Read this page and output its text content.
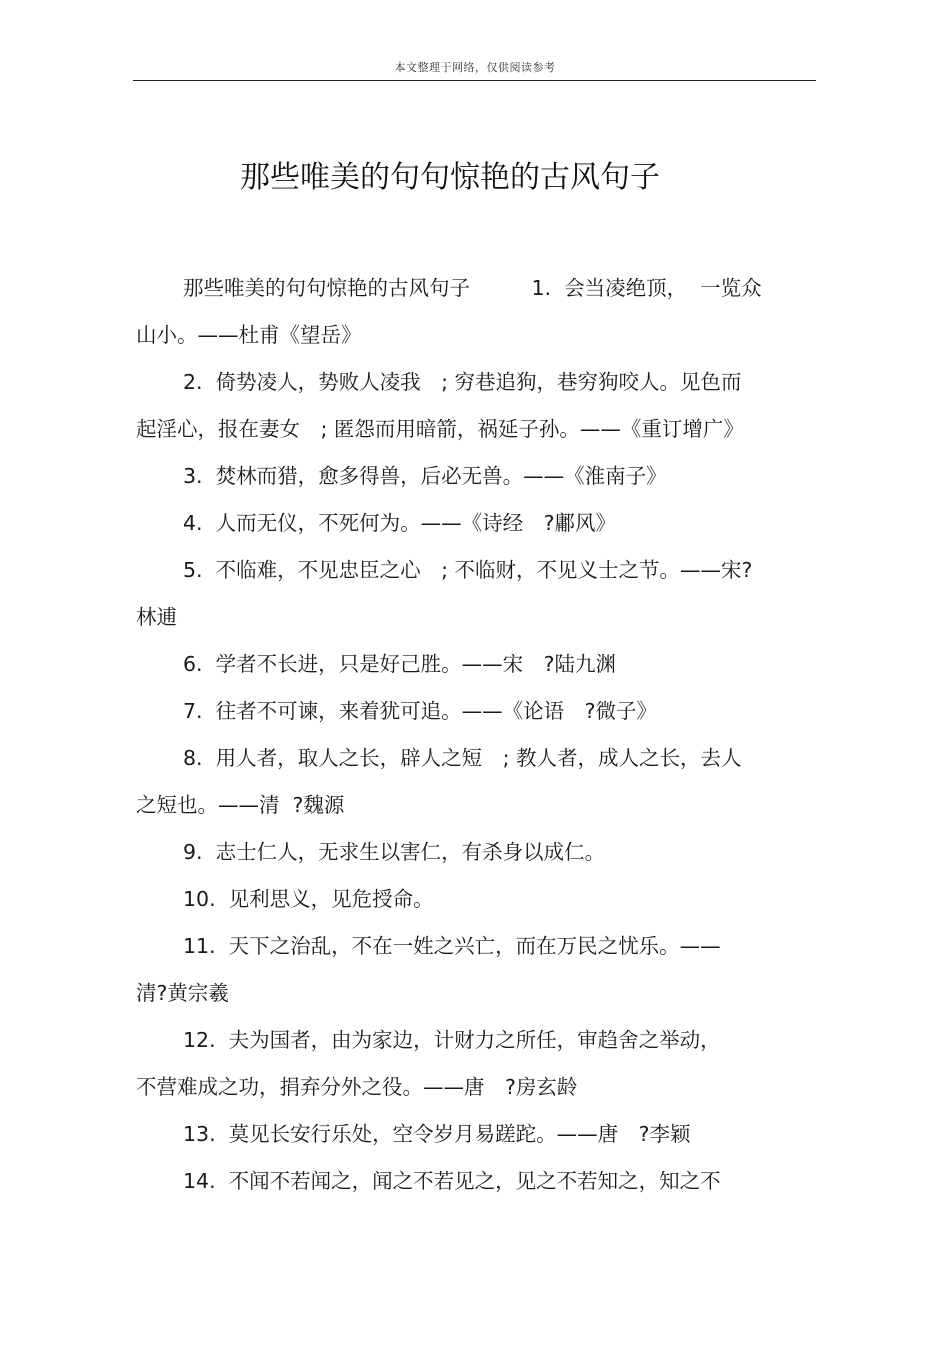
本文整理于网络，仅供阅读参考
那些唯美的句句惊艳的古风句子
那些唯美的句句惊艳的古风句子　　　1.  会当凌绝顶，  一览众
山小。——杜甫《望岳》
2.  倚势凌人，势败人凌我　; 穷巷追狗，巷穷狗咬人。见色而
起淫心，报在妻女　; 匿怨而用暗箭，祸延子孙。——《重订增广》
3.  焚林而猎，愈多得兽，后必无兽。——《淮南子》
4.  人而无仪，不死何为。——《诗经　?鄘风》
5.  不临难，不见忠臣之心　; 不临财，不见义士之节。——宋?
林逋
6.  学者不长进，只是好己胜。——宋　?陆九渊
7.  往者不可谏，来着犹可追。——《论语　?微子》
8.  用人者，取人之长，辟人之短　; 教人者，成人之长，去人
之短也。——清  ?魏源
9.  志士仁人，无求生以害仁，有杀身以成仁。
10.  见利思义，见危授命。
11.  天下之治乱，不在一姓之兴亡，而在万民之忧乐。——
清?黄宗羲
12.  夫为国者，由为家边，计财力之所任，审趋舍之举动，
不营难成之功，捐弃分外之役。——唐　?房玄龄
13.  莫见长安行乐处，空令岁月易蹉跎。——唐　?李颖
14.  不闻不若闻之，闻之不若见之，见之不若知之，知之不
